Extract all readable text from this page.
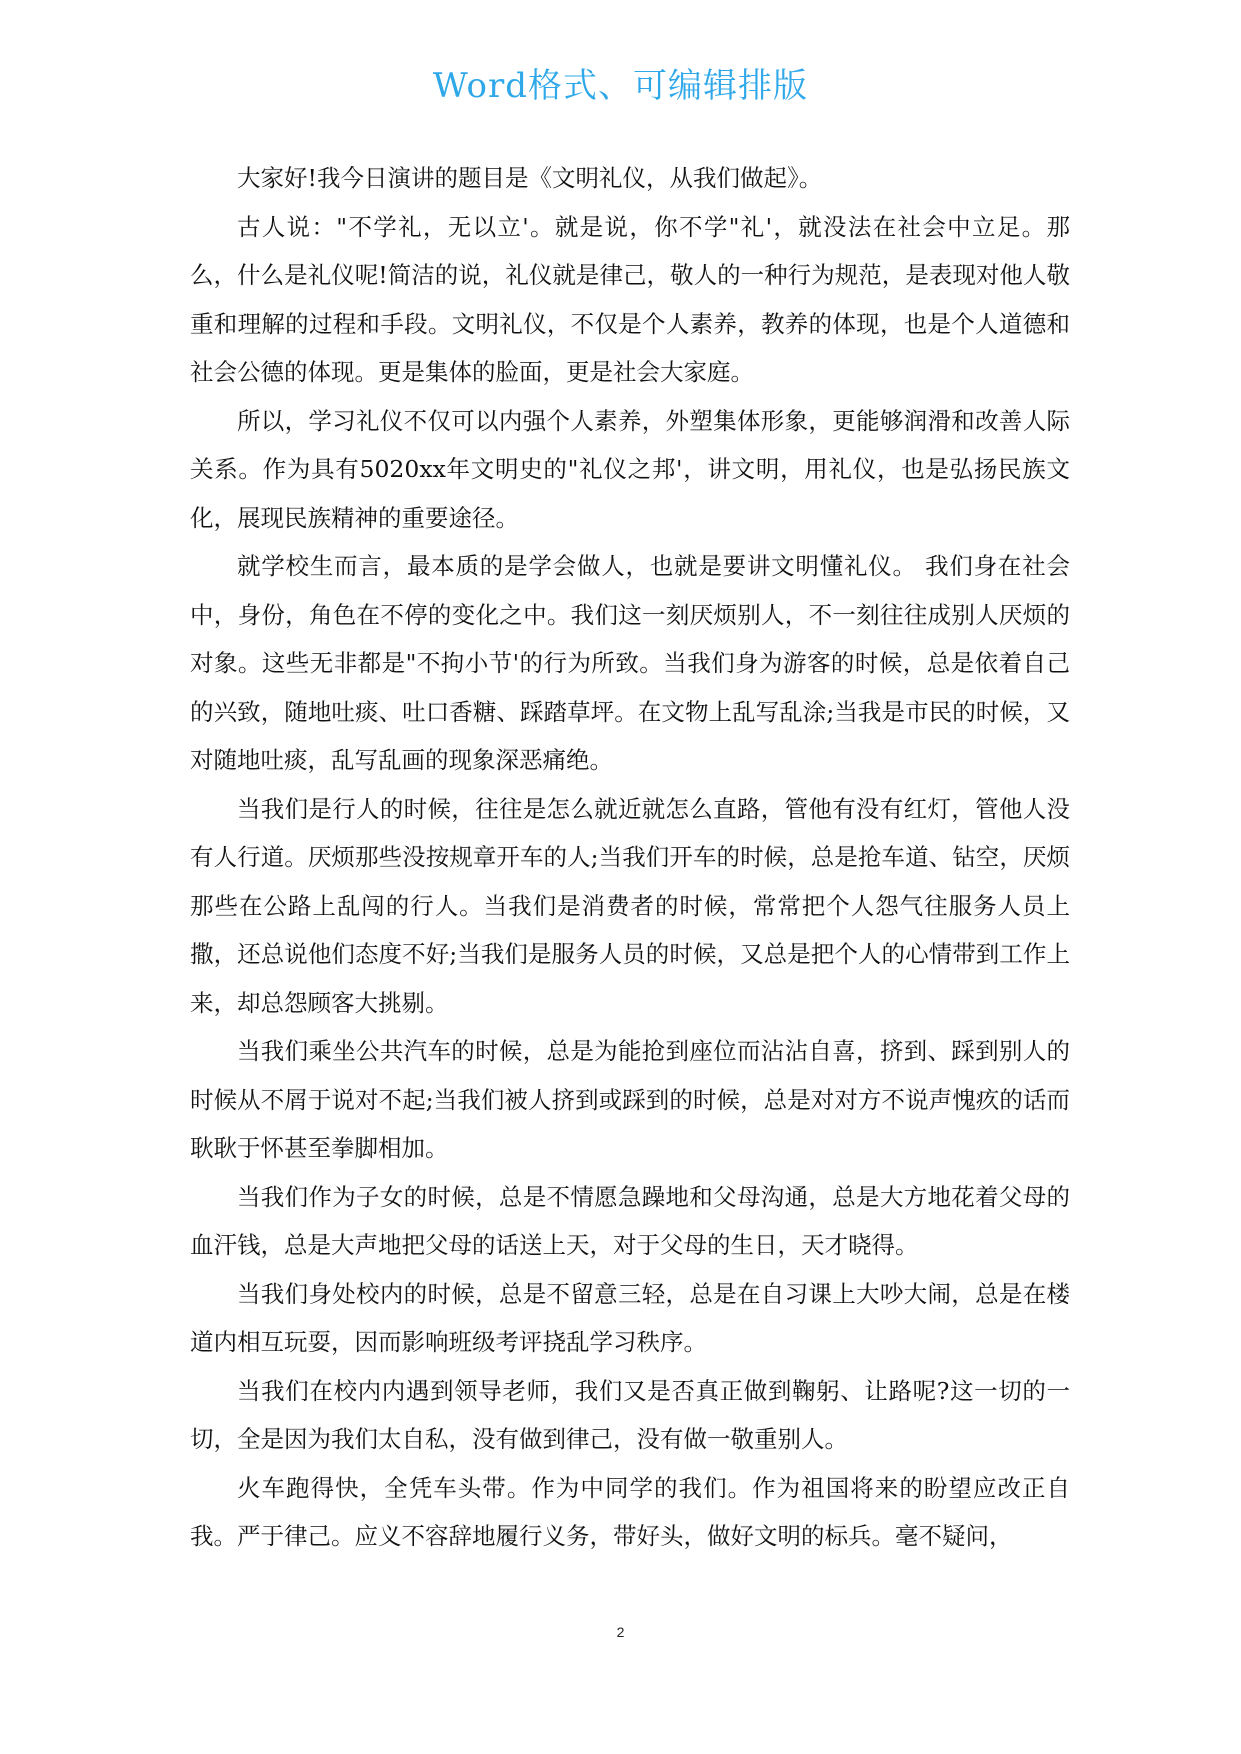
Word格式、可编辑排版

大家好!我今日演讲的题目是《文明礼仪，从我们做起》。

古人说："不学礼，无以立'。就是说，你不学"礼'，就没法在社会中立足。那么，什么是礼仪呢!简洁的说，礼仪就是律己，敬人的一种行为规范，是表现对他人敬重和理解的过程和手段。文明礼仪，不仅是个人素养，教养的体现，也是个人道德和社会公德的体现。更是集体的脸面，更是社会大家庭。

所以，学习礼仪不仅可以内强个人素养，外塑集体形象，更能够润滑和改善人际关系。作为具有5020xx年文明史的"礼仪之邦'，讲文明，用礼仪，也是弘扬民族文化，展现民族精神的重要途径。

就学校生而言，最本质的是学会做人，也就是要讲文明懂礼仪。 我们身在社会中，身份，角色在不停的变化之中。我们这一刻厌烦别人，不一刻往往成别人厌烦的对象。这些无非都是"不拘小节'的行为所致。当我们身为游客的时候，总是依着自己的兴致，随地吐痰、吐口香糖、踩踏草坪。在文物上乱写乱涂;当我是市民的时候，又对随地吐痰，乱写乱画的现象深恶痛绝。

当我们是行人的时候，往往是怎么就近就怎么直路，管他有没有红灯，管他人没有人行道。厌烦那些没按规章开车的人;当我们开车的时候，总是抢车道、钻空，厌烦那些在公路上乱闯的行人。当我们是消费者的时候，常常把个人怨气往服务人员上撒，还总说他们态度不好;当我们是服务人员的时候，又总是把个人的心情带到工作上来，却总怨顾客大挑剔。

当我们乘坐公共汽车的时候，总是为能抢到座位而沾沾自喜，挤到、踩到别人的时候从不屑于说对不起;当我们被人挤到或踩到的时候，总是对对方不说声愧疚的话而耿耿于怀甚至拳脚相加。

当我们作为子女的时候，总是不情愿急躁地和父母沟通，总是大方地花着父母的血汗钱，总是大声地把父母的话送上天，对于父母的生日，天才晓得。

当我们身处校内的时候，总是不留意三轻，总是在自习课上大吵大闹，总是在楼道内相互玩耍，因而影响班级考评挠乱学习秩序。

当我们在校内内遇到领导老师，我们又是否真正做到鞠躬、让路呢?这一切的一切，全是因为我们太自私，没有做到律己，没有做一敬重别人。

火车跑得快，全凭车头带。作为中同学的我们。作为祖国将来的盼望应改正自我。严于律己。应义不容辞地履行义务，带好头，做好文明的标兵。毫不疑问，

2
